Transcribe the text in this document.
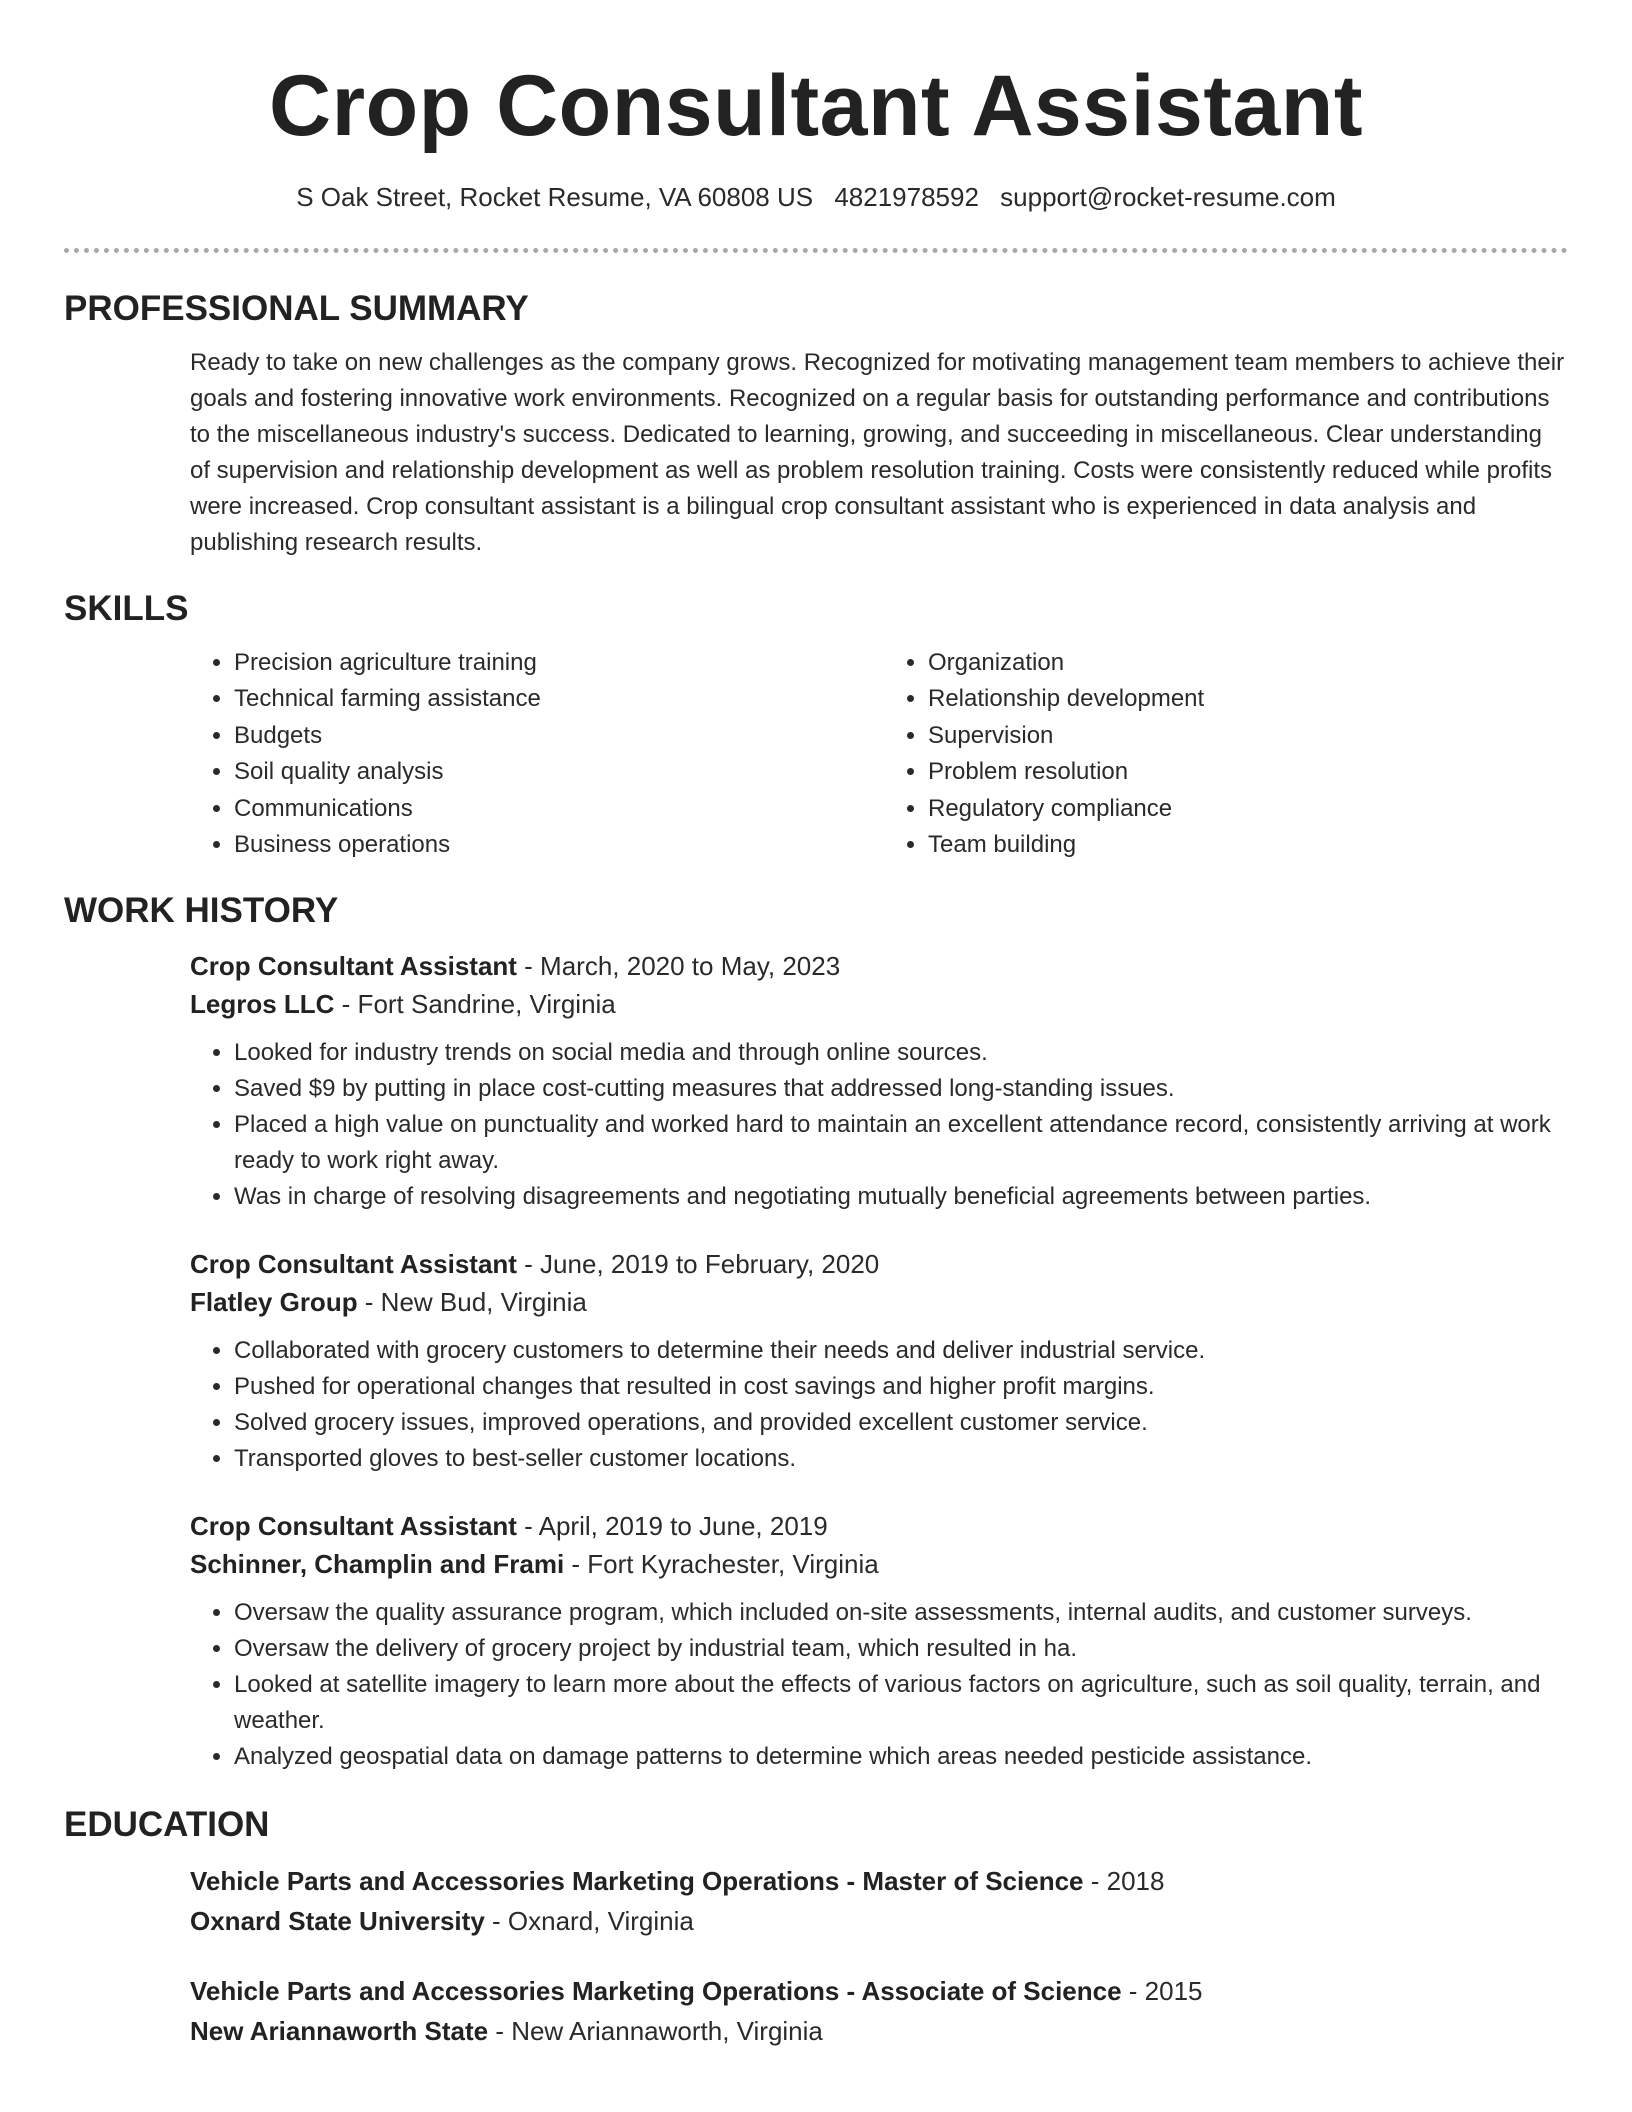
Crop Consultant Assistant
S Oak Street, Rocket Resume, VA 60808 US 4821978592 support@rocket-resume.com
PROFESSIONAL SUMMARY

Ready to take on new challenges as the company grows. Recognized for motivating management team members to achieve their goals and fostering innovative work environments. Recognized on a regular basis for outstanding performance and contributions to the miscellaneous industry's success. Dedicated to learning, growing, and succeeding in miscellaneous. Clear understanding of supervision and relationship development as well as problem resolution training. Costs were consistently reduced while profits were increased. Crop consultant assistant is a bilingual crop consultant assistant who is experienced in data analysis and publishing research results.

SKILLS
• Precision agriculture training
• Technical farming assistance
• Budgets
• Soil quality analysis
• Communications
• Business operations
• Organization
• Relationship development
• Supervision
• Problem resolution
• Regulatory compliance
• Team building
WORK HISTORY
Crop Consultant Assistant - March, 2020 to May, 2023
Legros LLC - Fort Sandrine, Virginia
• Looked for industry trends on social media and through online sources.
• Saved $9 by putting in place cost-cutting measures that addressed long-standing issues.
• Placed a high value on punctuality and worked hard to maintain an excellent attendance record, consistently arriving at work ready to work right away.
• Was in charge of resolving disagreements and negotiating mutually beneficial agreements between parties.
Crop Consultant Assistant - June, 2019 to February, 2020
Flatley Group - New Bud, Virginia
• Collaborated with grocery customers to determine their needs and deliver industrial service.
• Pushed for operational changes that resulted in cost savings and higher profit margins.
• Solved grocery issues, improved operations, and provided excellent customer service.
• Transported gloves to best-seller customer locations.
Crop Consultant Assistant - April, 2019 to June, 2019
Schinner, Champlin and Frami - Fort Kyrachester, Virginia
• Oversaw the quality assurance program, which included on-site assessments, internal audits, and customer surveys.
• Oversaw the delivery of grocery project by industrial team, which resulted in ha.
• Looked at satellite imagery to learn more about the effects of various factors on agriculture, such as soil quality, terrain, and weather.
• Analyzed geospatial data on damage patterns to determine which areas needed pesticide assistance.
EDUCATION
Vehicle Parts and Accessories Marketing Operations - Master of Science - 2018
Oxnard State University - Oxnard, Virginia
Vehicle Parts and Accessories Marketing Operations - Associate of Science - 2015
New Ariannaworth State - New Ariannaworth, Virginia
